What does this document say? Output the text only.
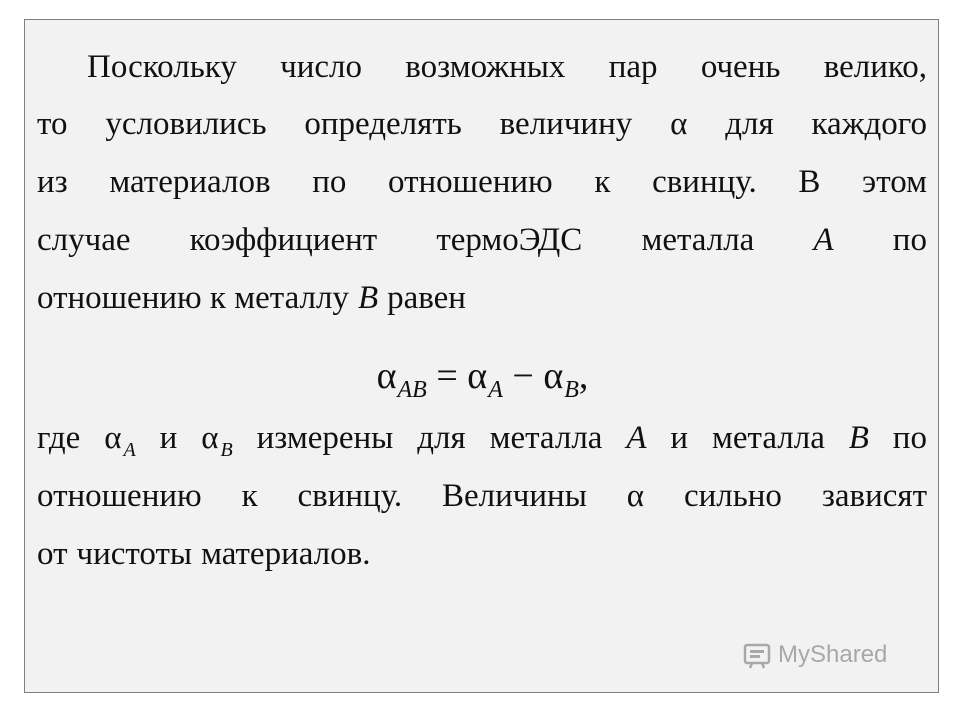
Поскольку число возможных пар очень велико,
то условились определять величину α для каждого
из материалов по отношению к свинцу. В этом
случае коэффициент термоЭДС металла A по
отношению к металлу B равен
$\alpha_{AB} = \alpha_A - \alpha_B$,
где α $_A$ и α $_B$ измерены для металла A и металла B по
отношению к свинцу. Величины α сильно зависят
от чистоты материалов.
MyShared
